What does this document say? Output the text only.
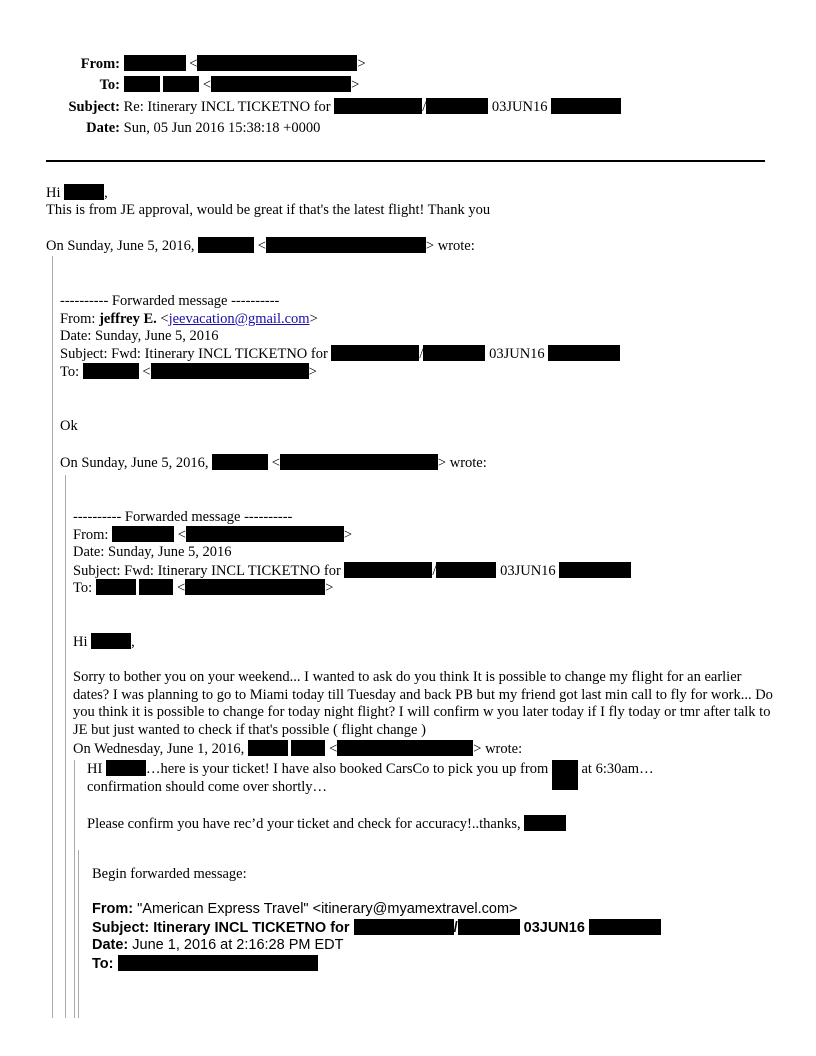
From:	<	>
To:	<	>
Subject: Re: Itinerary INCL TICKETNO for	/	03JUN16
Date: Sun, 05 Jun 2016 15:38:18 +0000
Hi	,
This is from JE approval, would be great if that's the latest flight! Thank you
On Sunday, June 5, 2016,	<	> wrote:
---------- Forwarded message ----------
From: jeffrey E. <jeevacation@gmail.com>
Date: Sunday, June 5, 2016
Subject: Fwd: Itinerary INCL TICKETNO for	/	03JUN16
To:	<	>
Ok
On Sunday, June 5, 2016,	<	> wrote:
---------- Forwarded message ----------
From:	<	>
Date: Sunday, June 5, 2016
Subject: Fwd: Itinerary INCL TICKETNO for	/	03JUN16
To:	<	>
Hi	,
Sorry to bother you on your weekend... I wanted to ask do you think It is possible to change my flight for an earlier dates? I was planning to go to Miami today till Tuesday and back PB but my friend got last min call to fly for work... Do you think it is possible to change for today night flight? I will confirm w you later today if I fly today or tmr after talk to JE but just wanted to check if that's possible ( flight change )
On Wednesday, June 1, 2016,	<	> wrote:
HI	…here is your ticket! I have also booked CarsCo to pick you up from at 6:30am…
confirmation should come over shortly…
Please confirm you have rec’d your ticket and check for accuracy!..thanks,
Begin forwarded message:
From: "American Express Travel" <itinerary@myamextravel.com>
Subject: Itinerary INCL TICKETNO for	/	03JUN16
Date: June 1, 2016 at 2:16:28 PM EDT
To:
